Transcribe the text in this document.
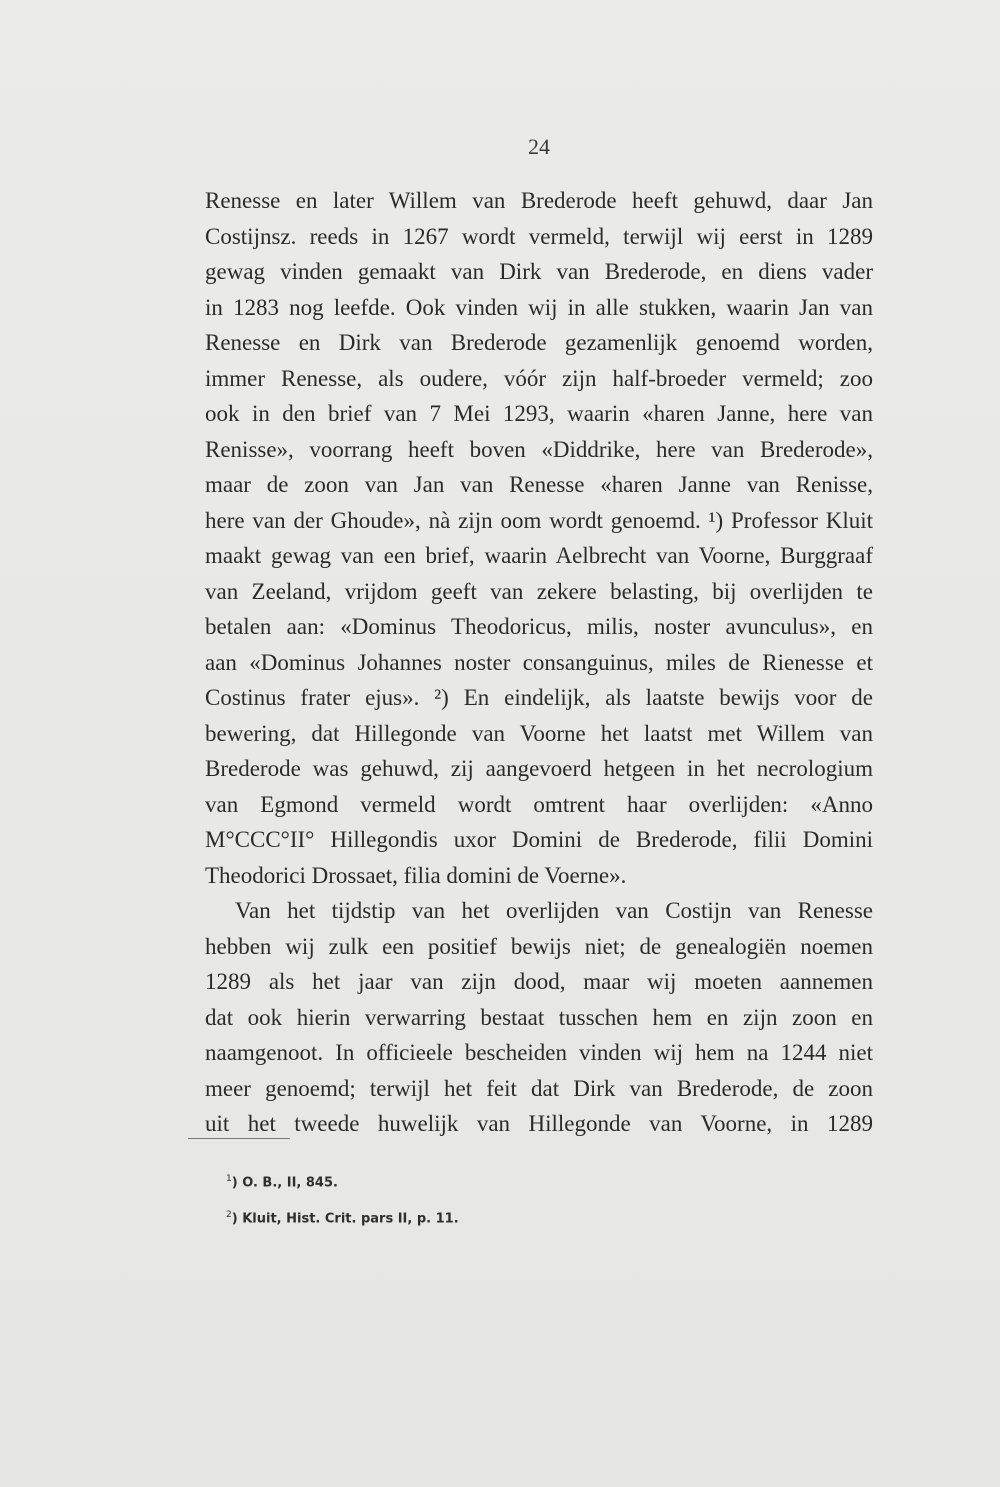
24
Renesse en later Willem van Brederode heeft gehuwd, daar Jan
Costijnsz. reeds in 1267 wordt vermeld, terwijl wij eerst in 1289
gewag vinden gemaakt van Dirk van Brederode, en diens vader
in 1283 nog leefde. Ook vinden wij in alle stukken, waarin Jan van
Renesse en Dirk van Brederode gezamenlijk genoemd worden,
immer Renesse, als oudere, vóór zijn half-broeder vermeld; zoo
ook in den brief van 7 Mei 1293, waarin «haren Janne, here van
Renisse», voorrang heeft boven «Diddrike, here van Brederode»,
maar de zoon van Jan van Renesse «haren Janne van Renisse,
here van der Ghoude», nà zijn oom wordt genoemd. ¹) Professor Kluit
maakt gewag van een brief, waarin Aelbrecht van Voorne, Burggraaf
van Zeeland, vrijdom geeft van zekere belasting, bij overlijden te
betalen aan: «Dominus Theodoricus, milis, noster avunculus», en
aan «Dominus Johannes noster consanguinus, miles de Rienesse et
Costinus frater ejus». ²) En eindelijk, als laatste bewijs voor de
bewering, dat Hillegonde van Voorne het laatst met Willem van
Brederode was gehuwd, zij aangevoerd hetgeen in het necrologium
van Egmond vermeld wordt omtrent haar overlijden: «Anno
M°CCC°II° Hillegondis uxor Domini de Brederode, filii Domini
Theodorici Drossaet, filia domini de Voerne».
Van het tijdstip van het overlijden van Costijn van Renesse
hebben wij zulk een positief bewijs niet; de genealogiën noemen
1289 als het jaar van zijn dood, maar wij moeten aannemen
dat ook hierin verwarring bestaat tusschen hem en zijn zoon en
naamgenoot. In officieele bescheiden vinden wij hem na 1244 niet
meer genoemd; terwijl het feit dat Dirk van Brederode, de zoon
uit het tweede huwelijk van Hillegonde van Voorne, in 1289
$^1$) O. B., II, 845.
$^2$) Kluit, Hist. Crit. pars II, p. 11.
